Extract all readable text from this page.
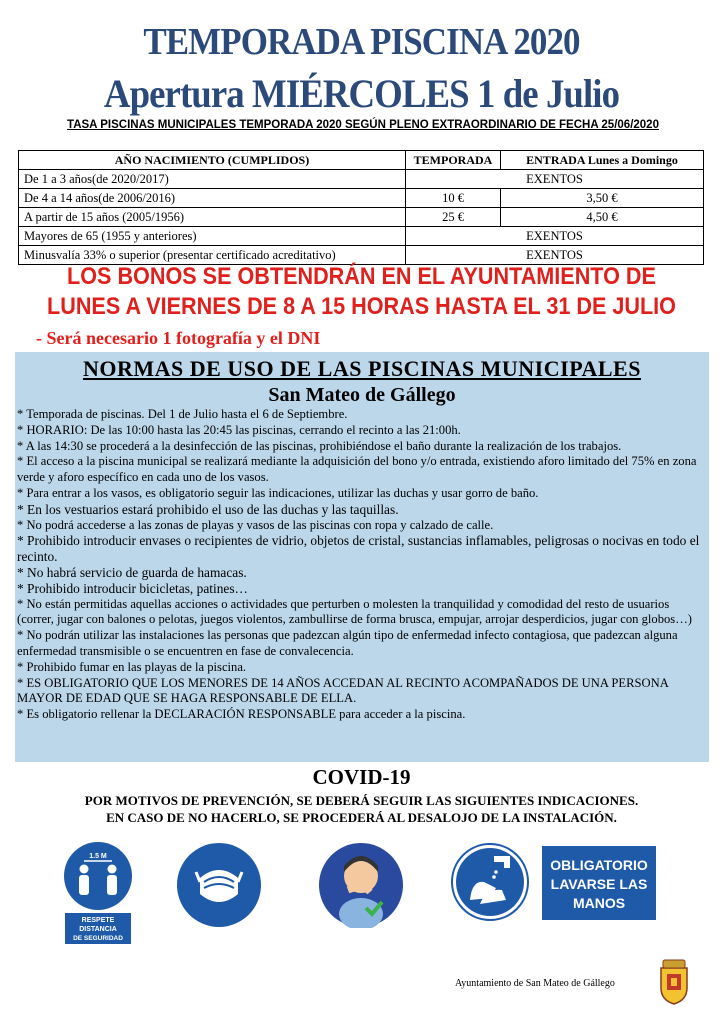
TEMPORADA PISCINA 2020
Apertura MIÉRCOLES 1 de Julio
TASA PISCINAS MUNICIPALES TEMPORADA 2020 SEGÚN PLENO EXTRAORDINARIO DE FECHA 25/06/2020
AÑO NACIMIENTO (CUMPLIDOS)	TEMPORADA	ENTRADA Lunes a Domingo
De 1 a 3 años(de 2020/2017)	EXENTOS	
De 4 a 14 años(de 2006/2016)	10 €	3,50 €
A partir de 15 años (2005/1956)	25 €	4,50 €
Mayores de 65 (1955 y anteriores)	EXENTOS	
Minusvalía 33% o superior (presentar certificado acreditativo)	EXENTOS	
LOS BONOS SE OBTENDRÁN EN EL AYUNTAMIENTO DE
LUNES A VIERNES DE 8 A 15 HORAS HASTA EL 31 DE JULIO
- Será necesario 1 fotografía y el DNI
NORMAS DE USO DE LAS PISCINAS MUNICIPALES
San Mateo de Gállego

* Temporada de piscinas. Del 1 de Julio hasta el 6 de Septiembre.

* HORARIO: De las 10:00 hasta las 20:45 las piscinas, cerrando el recinto a las 21:00h.

* A las 14:30 se procederá a la desinfección de las piscinas, prohibiéndose el baño durante la realización de los trabajos.

* El acceso a la piscina municipal se realizará mediante la adquisición del bono y/o entrada, existiendo aforo limitado del 75% en zona verde y aforo específico en cada uno de los vasos.

* Para entrar a los vasos, es obligatorio seguir las indicaciones, utilizar las duchas y usar gorro de baño.

* En los vestuarios estará prohibido el uso de las duchas y las taquillas.

* No podrá accederse a las zonas de playas y vasos de las piscinas con ropa y calzado de calle.

* Prohibido introducir envases o recipientes de vidrio, objetos de cristal, sustancias inflamables, peligrosas o nocivas en todo el recinto.

* No habrá servicio de guarda de hamacas.

* Prohibido introducir bicicletas, patines…

* No están permitidas aquellas acciones o actividades que perturben o molesten la tranquilidad y comodidad del resto de usuarios (correr, jugar con balones o pelotas, juegos violentos, zambullirse de forma brusca, empujar, arrojar desperdicios, jugar con globos…)

* No podrán utilizar las instalaciones las personas que padezcan algún tipo de enfermedad infecto contagiosa, que padezcan alguna enfermedad transmisible o se encuentren en fase de convalecencia.

* Prohibido fumar en las playas de la piscina.

* ES OBLIGATORIO QUE LOS MENORES DE 14 AÑOS ACCEDAN AL RECINTO ACOMPAÑADOS DE UNA PERSONA MAYOR DE EDAD QUE SE HAGA RESPONSABLE DE ELLA.

* Es obligatorio rellenar la DECLARACIÓN RESPONSABLE para acceder a la piscina.

COVID-19
POR MOTIVOS DE PREVENCIÓN, SE DEBERÁ SEGUIR LAS SIGUIENTES INDICACIONES.
EN CASO DE NO HACERLO, SE PROCEDERÁ AL DESALOJO DE LA INSTALACIÓN.
1.5 M
RESPETE
DISTANCIA
DE SEGURIDAD
OBLIGATORIO
LAVARSE LAS
MANOS
Ayuntamiento de San Mateo de Gállego
